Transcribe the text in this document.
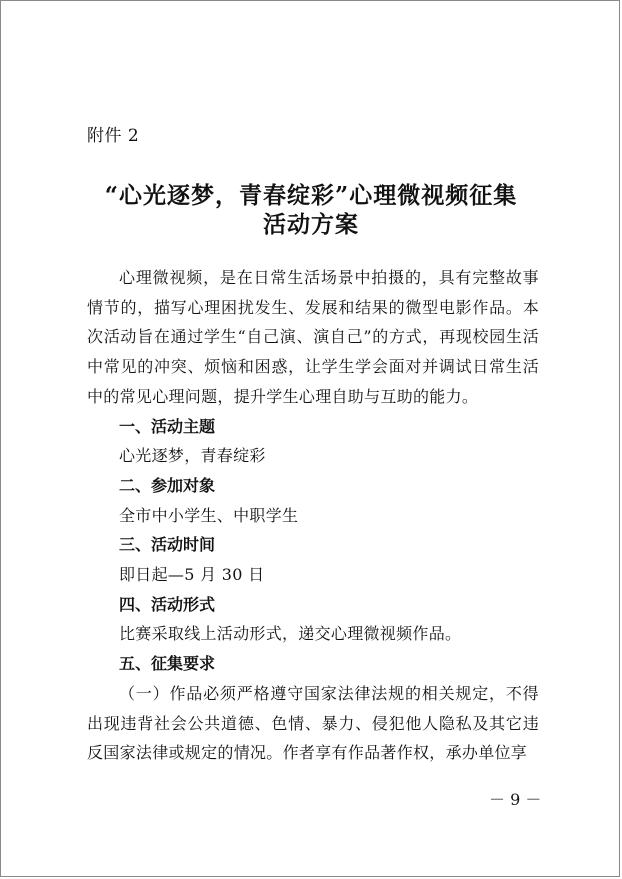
附件 2
“心光逐梦，青春绽彩”心理微视频征集
活动方案

心理微视频，是在日常生活场景中拍摄的，具有完整故事情节的，描写心理困扰发生、发展和结果的微型电影作品。本次活动旨在通过学生“自己演、演自己”的方式，再现校园生活中常见的冲突、烦恼和困惑，让学生学会面对并调试日常生活中的常见心理问题，提升学生心理自助与互助的能力。

一、活动主题

心光逐梦，青春绽彩

二、参加对象

全市中小学生、中职学生

三、活动时间

即日起—5 月 30 日

四、活动形式

比赛采取线上活动形式，递交心理微视频作品。

五、征集要求

（一）作品必须严格遵守国家法律法规的相关规定，不得出现违背社会公共道德、色情、暴力、侵犯他人隐私及其它违反国家法律或规定的情况。作者享有作品著作权，承办单位享

－ 9 －
